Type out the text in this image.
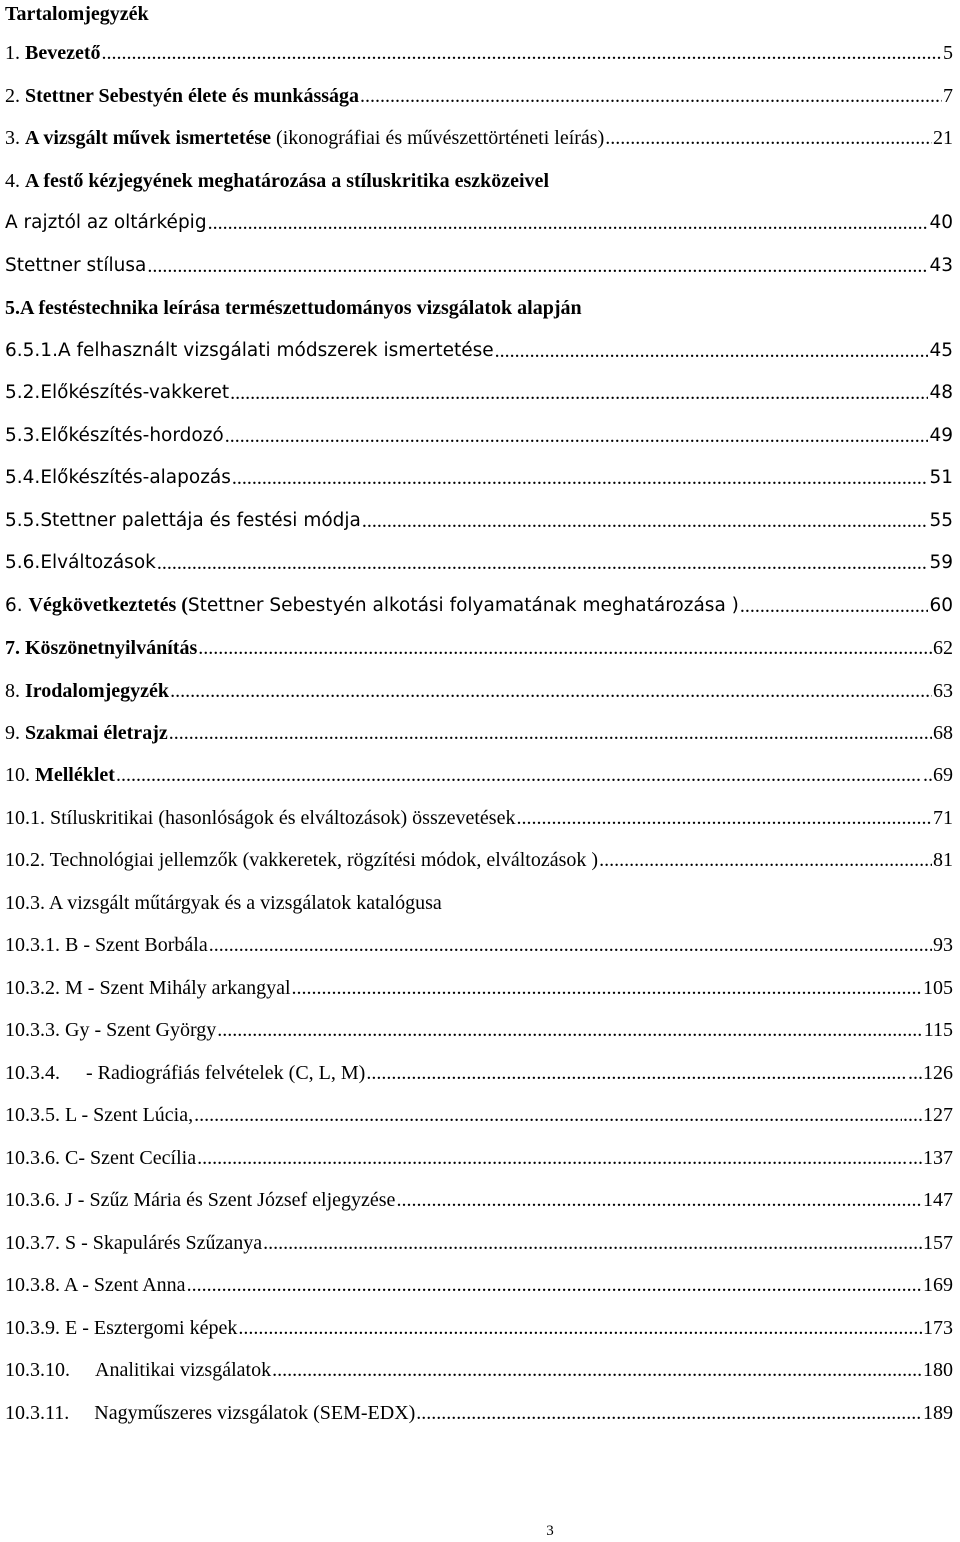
Tartalomjegyzék
1. Bevezető .....	5
2. Stettner Sebestyén élete és munkássága .....	7
3. A vizsgált művek ismertetése (ikonográfiai és művészettörténeti leírás) .....	21
4. A festő kézjegyének meghatározása a stíluskritika eszközeivel
A rajztól az oltárképig .....	40
Stettner stílusa .....	43
5.A festéstechnika leírása természettudományos vizsgálatok alapján
6.5.1.A felhasznált vizsgálati módszerek ismertetése .....	45
5.2.Előkészítés-vakkeret .....	48
5.3.Előkészítés-hordozó .....	49
5.4.Előkészítés-alapozás .....	51
5.5.Stettner palettája és festési módja .....	55
5.6.Elváltozások .....	59
6. Végkövetkeztetés (Stettner Sebestyén alkotási folyamatának meghatározása ) .....	60
7. Köszönetnyilvánítás .....	62
8. Irodalomjegyzék .....	63
9. Szakmai életrajz .....	68
10. Melléklet .....	..69
10.1. Stíluskritikai (hasonlóságok és elváltozások) összevetések .....	71
10.2. Technológiai jellemzők (vakkeretek, rögzítési módok, elváltozások ) .....	81
10.3. A vizsgált műtárgyak és a vizsgálatok katalógusa
10.3.1. B - Szent Borbála .....	93
10.3.2. M - Szent Mihály arkangyal .....	105
10.3.3. Gy - Szent György .....	115
10.3.4. - Radiográfiás felvételek (C, L, M) .....	...126
10.3.5. L - Szent Lúcia, .....	....127
10.3.6. C- Szent Cecília .....	...137
10.3.6. J - Szűz Mária és Szent József eljegyzése .....	147
10.3.7. S - Skapulárés Szűzanya .....	157
10.3.8. A - Szent Anna .....	169
10.3.9. E - Esztergomi képek .....	173
10.3.10. Analitikai vizsgálatok .....	180
10.3.11. Nagyműszeres vizsgálatok (SEM-EDX) .....	189
3
